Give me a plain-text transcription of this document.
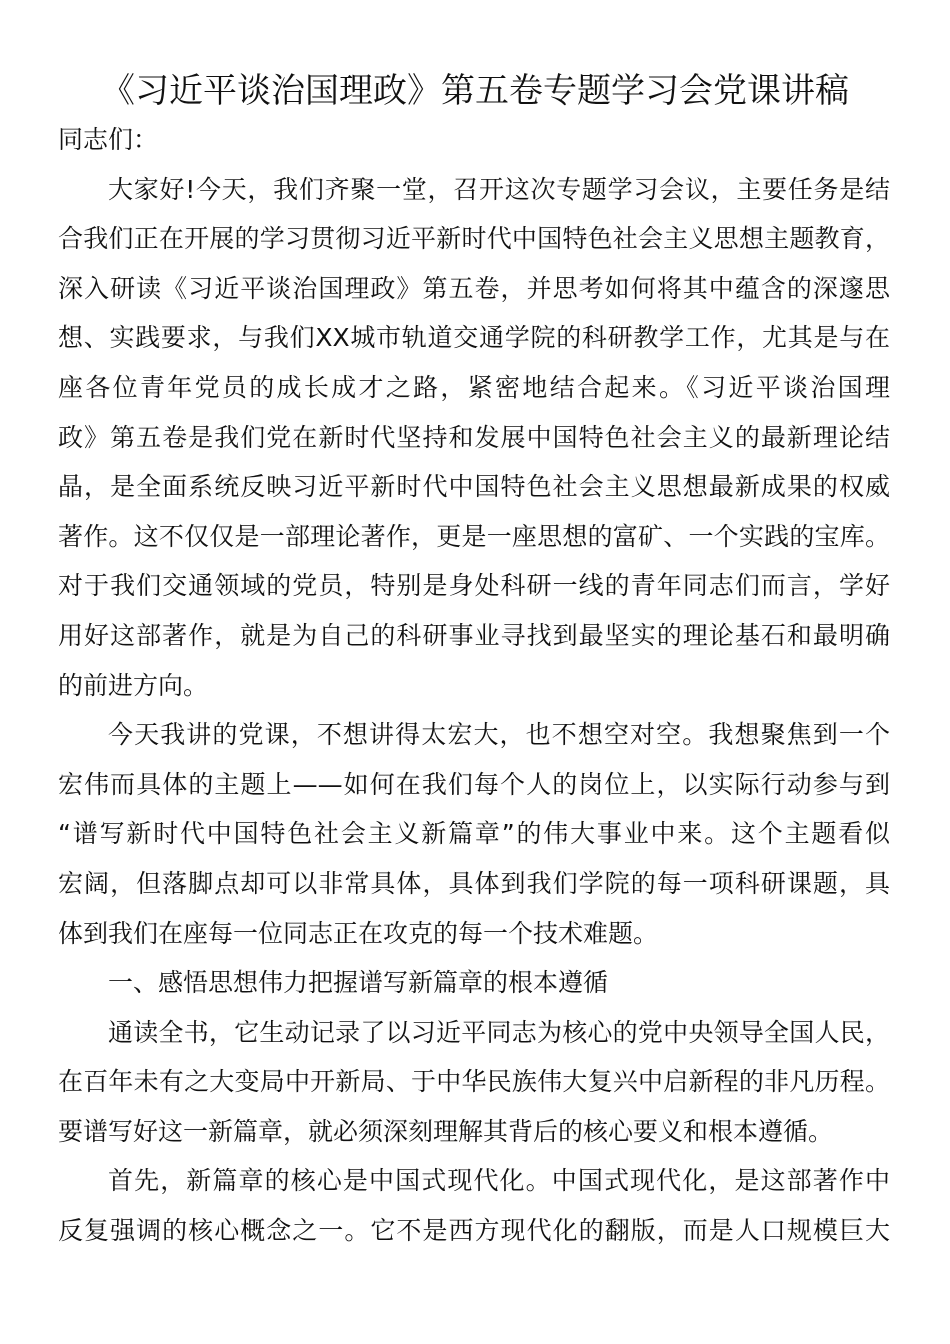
《习近平谈治国理政》第五卷专题学习会党课讲稿
同志们：
大家好!今天，我们齐聚一堂，召开这次专题学习会议，主要任务是结
合我们正在开展的学习贯彻习近平新时代中国特色社会主义思想主题教育，
深入研读《习近平谈治国理政》第五卷，并思考如何将其中蕴含的深邃思
想、实践要求，与我们XX城市轨道交通学院的科研教学工作，尤其是与在
座各位青年党员的成长成才之路，紧密地结合起来。《习近平谈治国理
政》第五卷是我们党在新时代坚持和发展中国特色社会主义的最新理论结
晶，是全面系统反映习近平新时代中国特色社会主义思想最新成果的权威
著作。这不仅仅是一部理论著作，更是一座思想的富矿、一个实践的宝库。
对于我们交通领域的党员，特别是身处科研一线的青年同志们而言，学好
用好这部著作，就是为自己的科研事业寻找到最坚实的理论基石和最明确
的前进方向。
今天我讲的党课，不想讲得太宏大，也不想空对空。我想聚焦到一个
宏伟而具体的主题上——如何在我们每个人的岗位上，以实际行动参与到
“谱写新时代中国特色社会主义新篇章”的伟大事业中来。这个主题看似
宏阔，但落脚点却可以非常具体，具体到我们学院的每一项科研课题，具
体到我们在座每一位同志正在攻克的每一个技术难题。
一、感悟思想伟力把握谱写新篇章的根本遵循
通读全书，它生动记录了以习近平同志为核心的党中央领导全国人民，
在百年未有之大变局中开新局、于中华民族伟大复兴中启新程的非凡历程。
要谱写好这一新篇章，就必须深刻理解其背后的核心要义和根本遵循。
首先，新篇章的核心是中国式现代化。中国式现代化，是这部著作中
反复强调的核心概念之一。它不是西方现代化的翻版，而是人口规模巨大
